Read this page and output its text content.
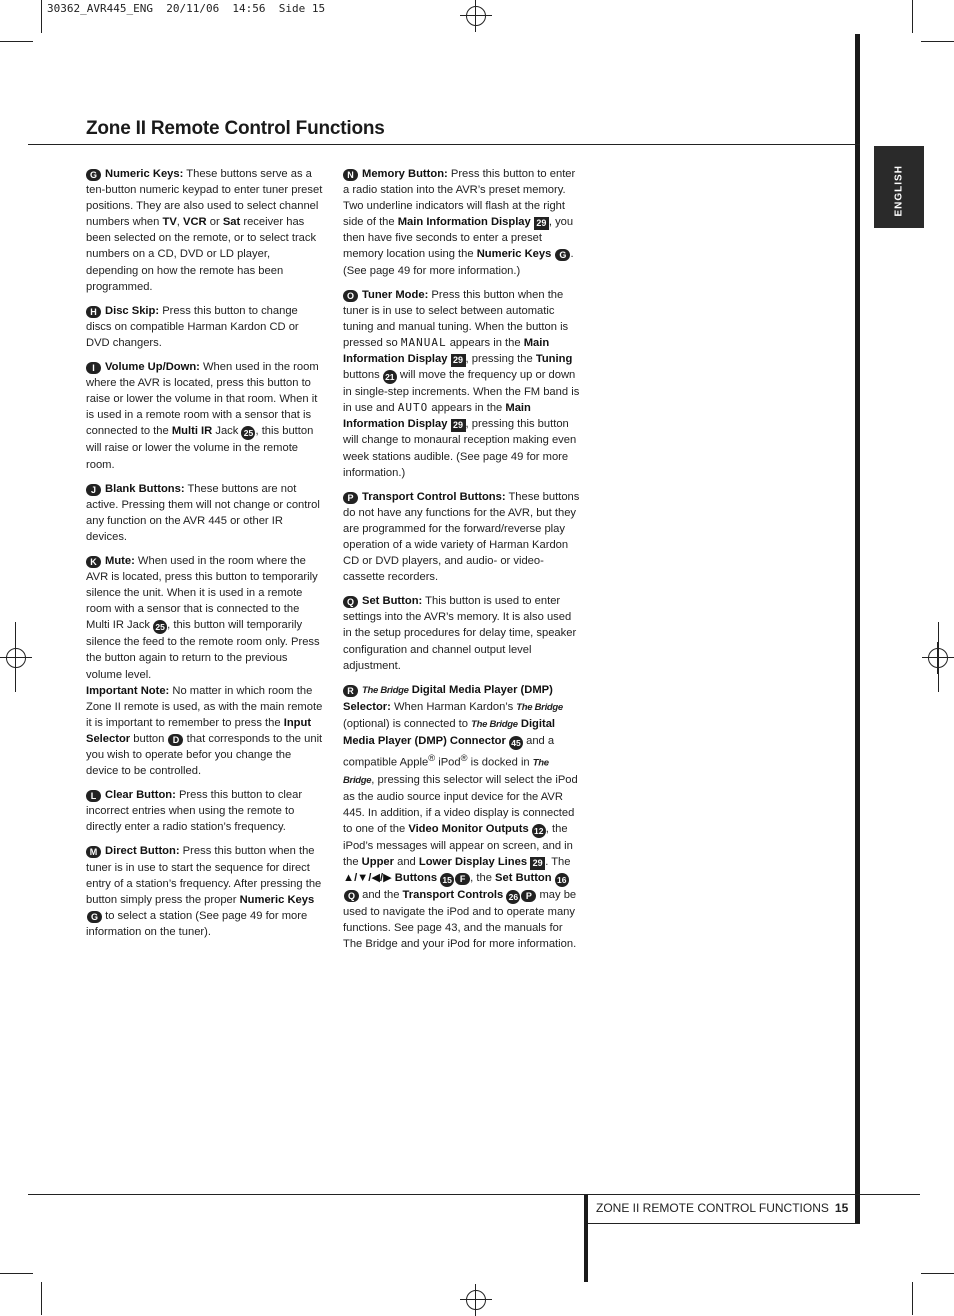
30362_AVR445_ENG  20/11/06  14:56  Side 15
ENGLISH
Zone II Remote Control Functions

G Numeric Keys: These buttons serve as a ten-button numeric keypad to enter tuner preset positions. They are also used to select channel numbers when TV, VCR or Sat receiver has been selected on the remote, or to select track numbers on a CD, DVD or LD player, depending on how the remote has been programmed.

H Disc Skip: Press this button to change discs on compatible Harman Kardon CD or DVD changers.

I Volume Up/Down: When used in the room where the AVR is located, press this button to raise or lower the volume in that room. When it is used in a remote room with a sensor that is connected to the Multi IR Jack 25 , this button will raise or lower the volume in the remote room.

J Blank Buttons: These buttons are not active. Pressing them will not change or control any function on the AVR 445 or other IR devices.

K Mute: When used in the room where the AVR is located, press this button to temporarily silence the unit. When it is used in a remote room with a sensor that is connected to the Multi IR Jack 25 , this button will temporarily silence the feed to the remote room only. Press the button again to return to the previous volume level.

Important Note: No matter in which room the Zone II remote is used, as with the main remote it is important to remember to press the Input Selector button D that corresponds to the unit you wish to operate befor you change the device to be controlled.

L Clear Button: Press this button to clear incorrect entries when using the remote to directly enter a radio station’s frequency.

M Direct Button: Press this button when the tuner is in use to start the sequence for direct entry of a station’s frequency. After pressing the button simply press the proper Numeric Keys G to select a station (See page 49 for more information on the tuner).

N Memory Button: Press this button to enter a radio station into the AVR’s preset memory. Two underline indicators will flash at the right side of the Main Information Display 29 , you then have five seconds to enter a preset memory location using the Numeric Keys G . (See page 49 for more information.)

O Tuner Mode: Press this button when the tuner is in use to select between automatic tuning and manual tuning. When the button is pressed so MANUAL appears in the Main Information Display 29 , pressing the Tuning buttons 21 will move the frequency up or down in single-step increments. When the FM band is in use and AUTO appears in the Main Information Display 29 , pressing this button will change to monaural reception making even week stations audible. (See page 49 for more information.)

P Transport Control Buttons: These buttons do not have any functions for the AVR, but they are programmed for the forward/reverse play operation of a wide variety of Harman Kardon CD or DVD players, and audio- or video-cassette recorders.

Q Set Button: This button is used to enter settings into the AVR’s memory. It is also used in the setup procedures for delay time, speaker configuration and channel output level adjustment.

R The Bridge Digital Media Player (DMP) Selector: When Harman Kardon’s The Bridge (optional) is connected to The Bridge Digital Media Player (DMP) Connector 45 and a compatible Apple® iPod® is docked in The Bridge, pressing this selector will select the iPod as the audio source input device for the AVR 445. In addition, if a video display is connected to one of the Video Monitor Outputs 12 , the iPod’s messages will appear on screen, and in the Upper and Lower Display Lines 29 . The ▲/▼/◀/▶ Buttons 15 F , the Set Button 16Q and the Transport Controls 26 P may be used to navigate the iPod and to operate many functions. See page 43, and the manuals for The Bridge and your iPod for more information.

ZONE II REMOTE CONTROL FUNCTIONS 15
